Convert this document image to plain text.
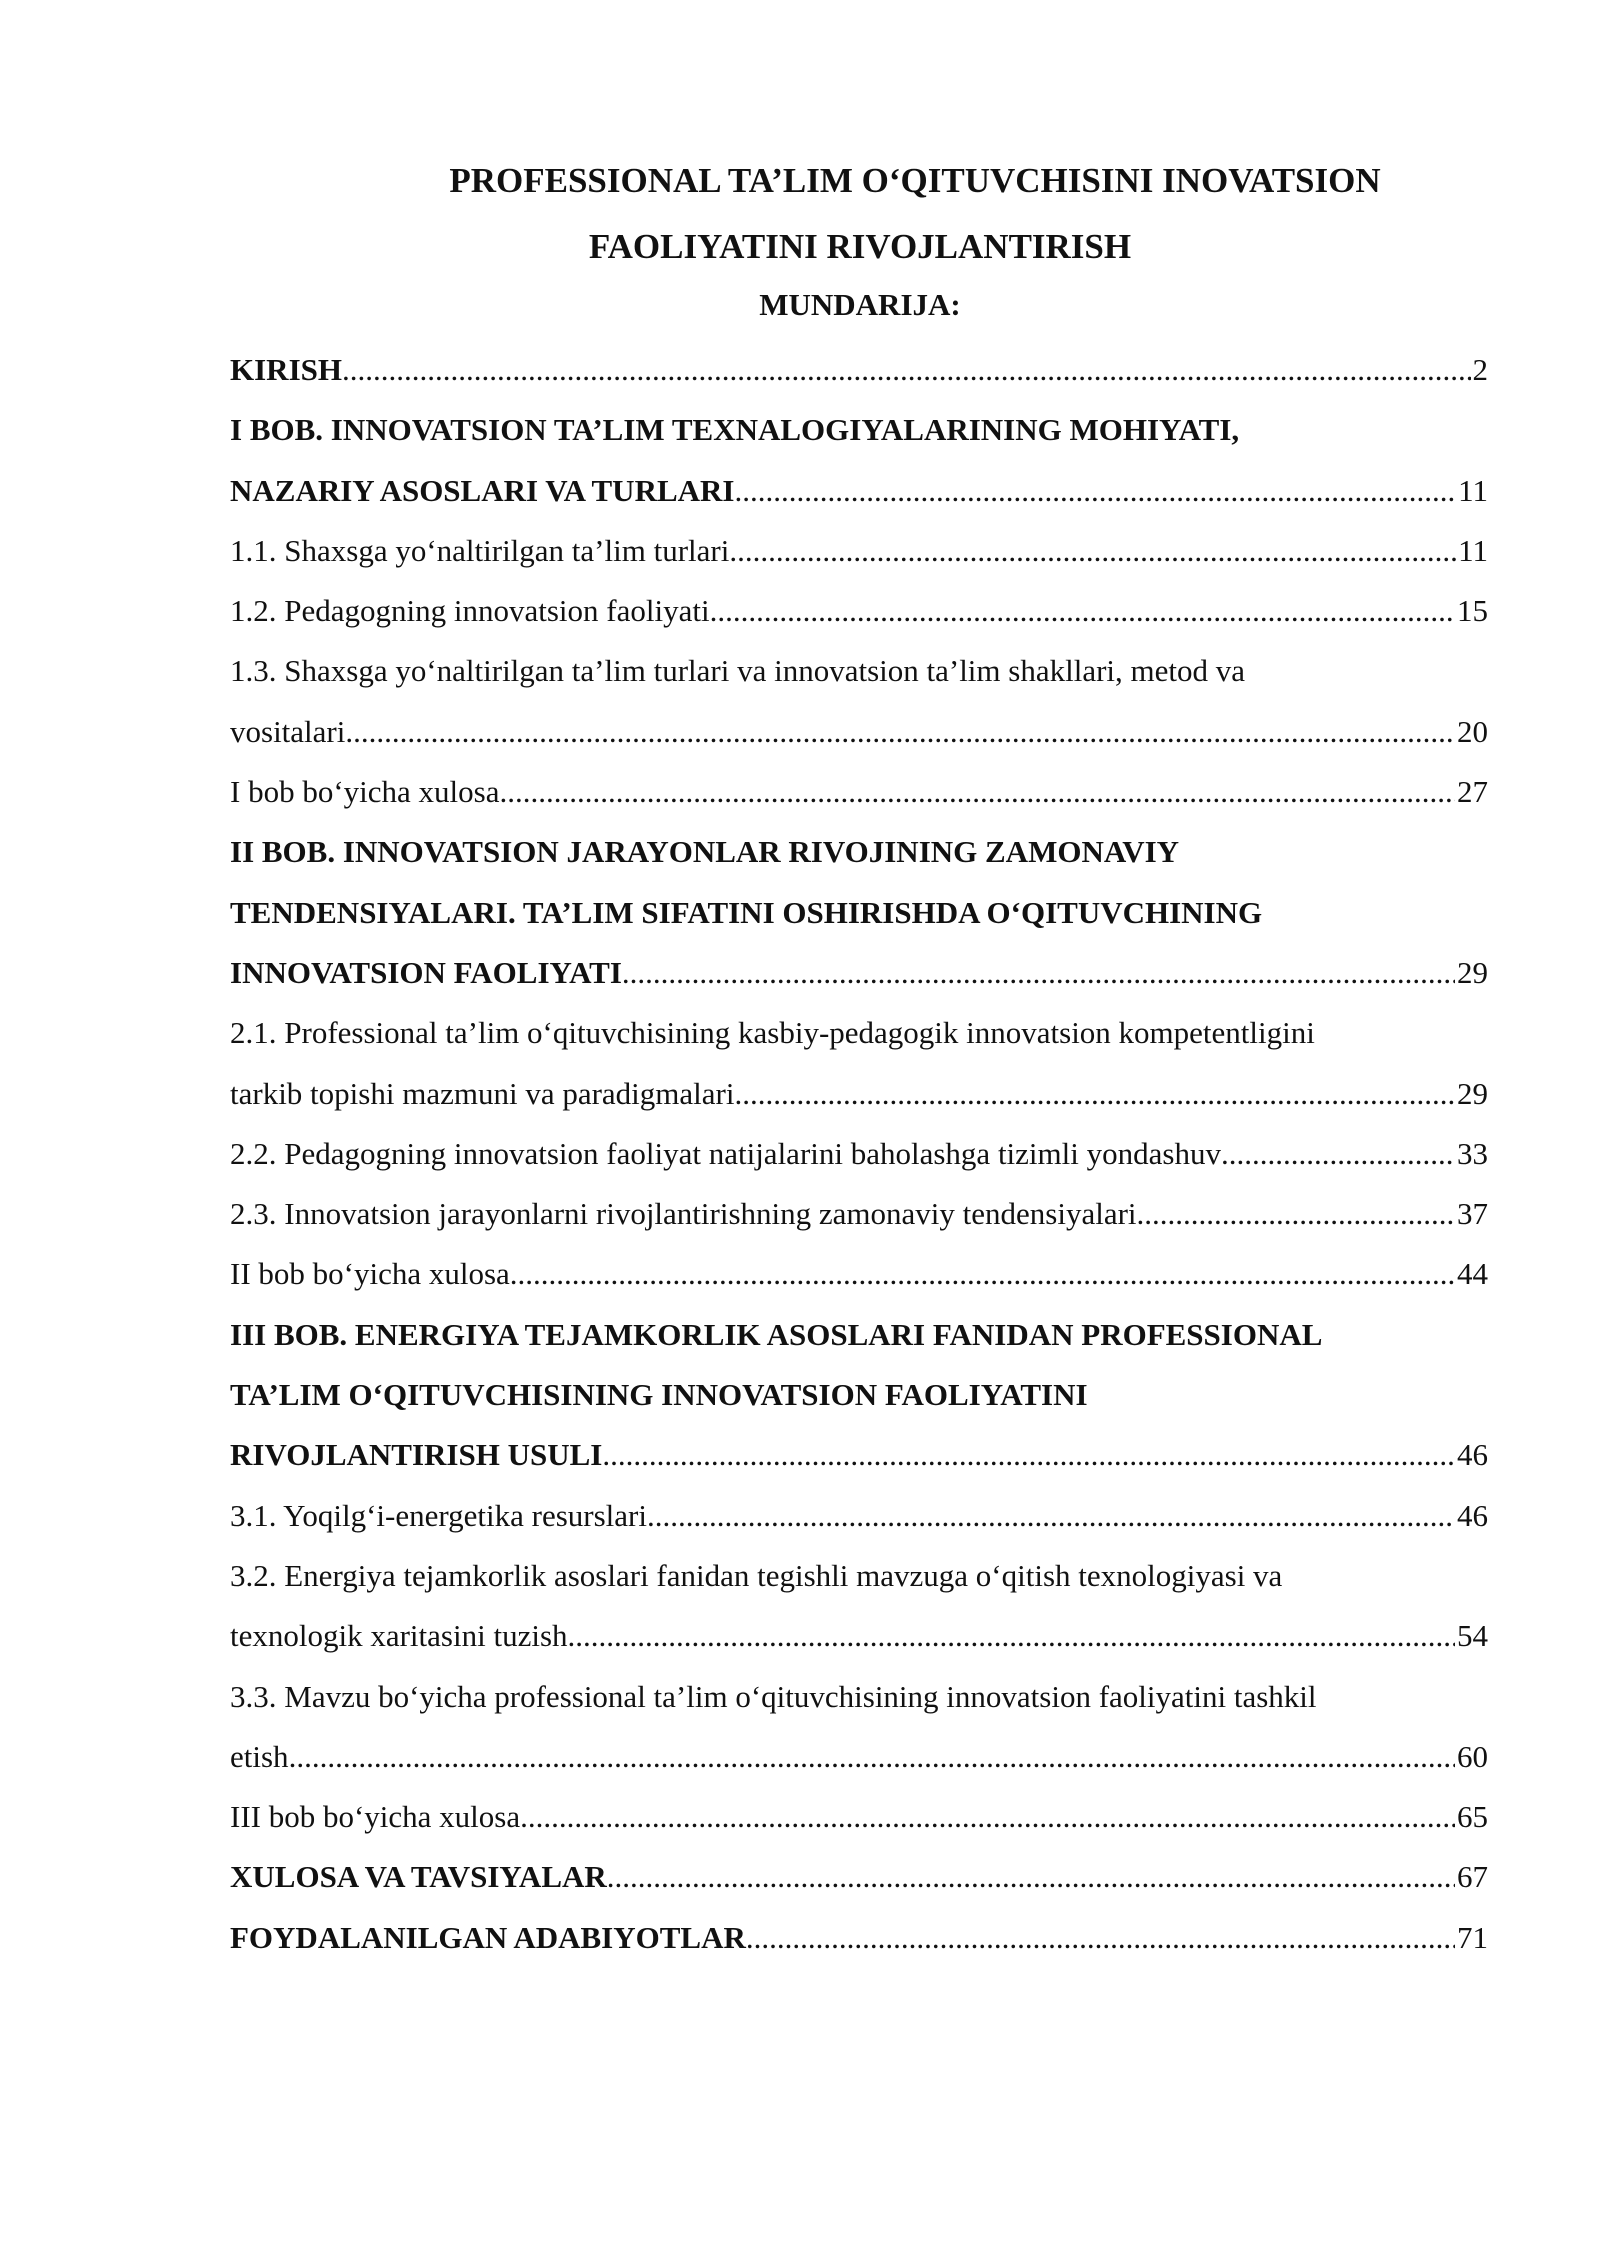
PROFESSIONAL TA’LIM O‘QITUVCHISINI INOVATSION
FAOLIYATINI RIVOJLANTIRISH
MUNDARIJA:
KIRISH .....	2
I BOB. INNOVATSION TA’LIM TEXNALOGIYALARINING MOHIYATI,
NAZARIY ASOSLARI VA TURLARI .....	11
1.1. Shaxsga yo‘naltirilgan ta’lim turlari .....	11
1.2. Pedagogning innovatsion faoliyati .....	15
1.3. Shaxsga yo‘naltirilgan ta’lim turlari va innovatsion ta’lim shakllari, metod va
vositalari .....	20
I bob bo‘yicha xulosa .....	27
II BOB. INNOVATSION JARAYONLAR RIVOJINING ZAMONAVIY
TENDENSIYALARI. TA’LIM SIFATINI OSHIRISHDA O‘QITUVCHINING
INNOVATSION FAOLIYATI .....	29
2.1. Professional ta’lim o‘qituvchisining kasbiy-pedagogik innovatsion kompetentligini
tarkib topishi mazmuni va paradigmalari .....	29
2.2. Pedagogning innovatsion faoliyat natijalarini baholashga tizimli yondashuv .....	33
2.3. Innovatsion jarayonlarni rivojlantirishning zamonaviy tendensiyalari .....	37
II bob bo‘yicha xulosa .....	44
III BOB. ENERGIYA TEJAMKORLIK ASOSLARI FANIDAN PROFESSIONAL
TA’LIM O‘QITUVCHISINING INNOVATSION FAOLIYATINI
RIVOJLANTIRISH USULI .....	46
3.1. Yoqilg‘i-energetika resurslari .....	46
3.2. Energiya tejamkorlik asoslari fanidan tegishli mavzuga o‘qitish texnologiyasi va
texnologik xaritasini tuzish .....	54
3.3. Mavzu bo‘yicha professional ta’lim o‘qituvchisining innovatsion faoliyatini tashkil
etish .....	60
III bob bo‘yicha xulosa .....	65
XULOSA VA TAVSIYALAR .....	67
FOYDALANILGAN ADABIYOTLAR .....	71
